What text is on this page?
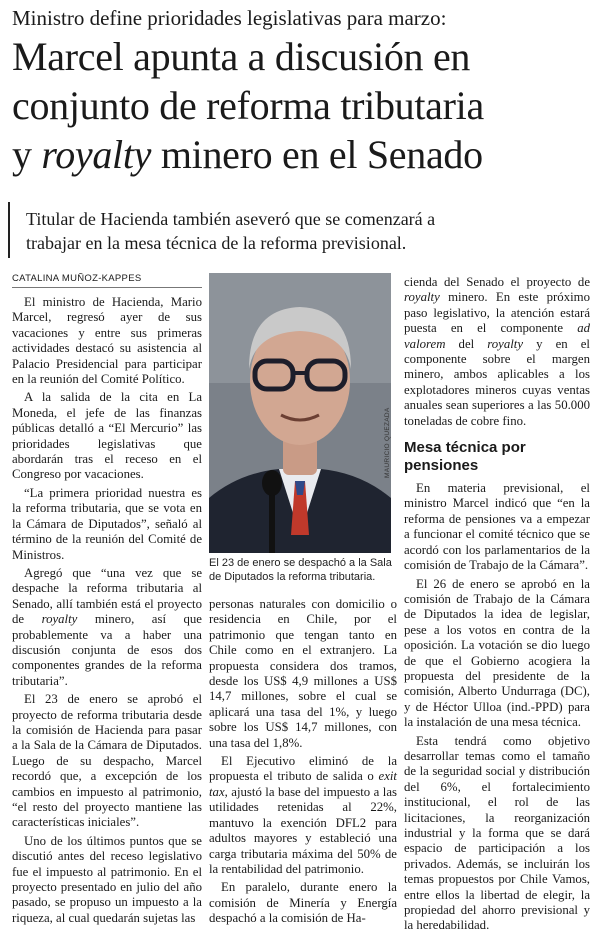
Ministro define prioridades legislativas para marzo:
Marcel apunta a discusión en
conjunto de reforma tributaria
y royalty minero en el Senado
Titular de Hacienda también aseveró que se comenzará a
trabajar en la mesa técnica de la reforma previsional.
CATALINA MUÑOZ-KAPPES

El ministro de Hacienda, Mario Marcel, regresó ayer de sus vacaciones y entre sus primeras actividades destacó su asistencia al Palacio Presidencial para participar en la reunión del Comité Político.

A la salida de la cita en La Moneda, el jefe de las finanzas públicas detalló a “El Mercurio” las prioridades legislativas que abordarán tras el receso en el Congreso por vacaciones.

“La primera prioridad nuestra es la reforma tributaria, que se vota en la Cámara de Diputados”, señaló al término de la reunión del Comité de Ministros.

Agregó que “una vez que se despache la reforma tributaria al Senado, allí también está el proyecto de royalty minero, así que probablemente va a haber una discusión conjunta de esos dos componentes grandes de la reforma tributaria”.

El 23 de enero se aprobó el proyecto de reforma tributaria desde la comisión de Hacienda para pasar a la Sala de la Cámara de Diputados. Luego de su despacho, Marcel recordó que, a excepción de los cambios en impuesto al patrimonio, “el resto del proyecto mantiene las características iniciales”.

Uno de los últimos puntos que se discutió antes del receso legislativo fue el impuesto al patrimonio. En el proyecto presentado en julio del año pasado, se propuso un impuesto a la riqueza, al cual quedarán sujetas las

MAURICIO QUEZADA
El 23 de enero se despachó a la Sala de Diputados la reforma tributaria.

personas naturales con domicilio o residencia en Chile, por el patrimonio que tengan tanto en Chile como en el extranjero. La propuesta considera dos tramos, desde los US$ 4,9 millones a US$ 14,7 millones, sobre el cual se aplicará una tasa del 1%, y luego sobre los US$ 14,7 millones, con una tasa del 1,8%.

El Ejecutivo eliminó de la propuesta el tributo de salida o exit tax, ajustó la base del impuesto a las utilidades retenidas al 22%, mantuvo la exención DFL2 para adultos mayores y estableció una carga tributaria máxima del 50% de la rentabilidad del patrimonio.

En paralelo, durante enero la comisión de Minería y Energía despachó a la comisión de Ha-

cienda del Senado el proyecto de royalty minero. En este próximo paso legislativo, la atención estará puesta en el componente ad valorem del royalty y en el componente sobre el margen minero, ambos aplicables a los explotadores mineros cuyas ventas anuales sean superiores a las 50.000 toneladas de cobre fino.

Mesa técnica por pensiones

En materia previsional, el ministro Marcel indicó que “en la reforma de pensiones va a empezar a funcionar el comité técnico que se acordó con los parlamentarios de la comisión de Trabajo de la Cámara”.

El 26 de enero se aprobó en la comisión de Trabajo de la Cámara de Diputados la idea de legislar, pese a los votos en contra de la oposición. La votación se dio luego de que el Gobierno acogiera la propuesta del presidente de la comisión, Alberto Undurraga (DC), y de Héctor Ulloa (ind.-PPD) para la instalación de una mesa técnica.

Esta tendrá como objetivo desarrollar temas como el tamaño de la seguridad social y distribución del 6%, el fortalecimiento institucional, el rol de las licitaciones, la reorganización industrial y la forma que se dará espacio de participación a los privados. Además, se incluirán los temas propuestos por Chile Vamos, entre ellos la libertad de elegir, la propiedad del ahorro previsional y la heredabilidad.
